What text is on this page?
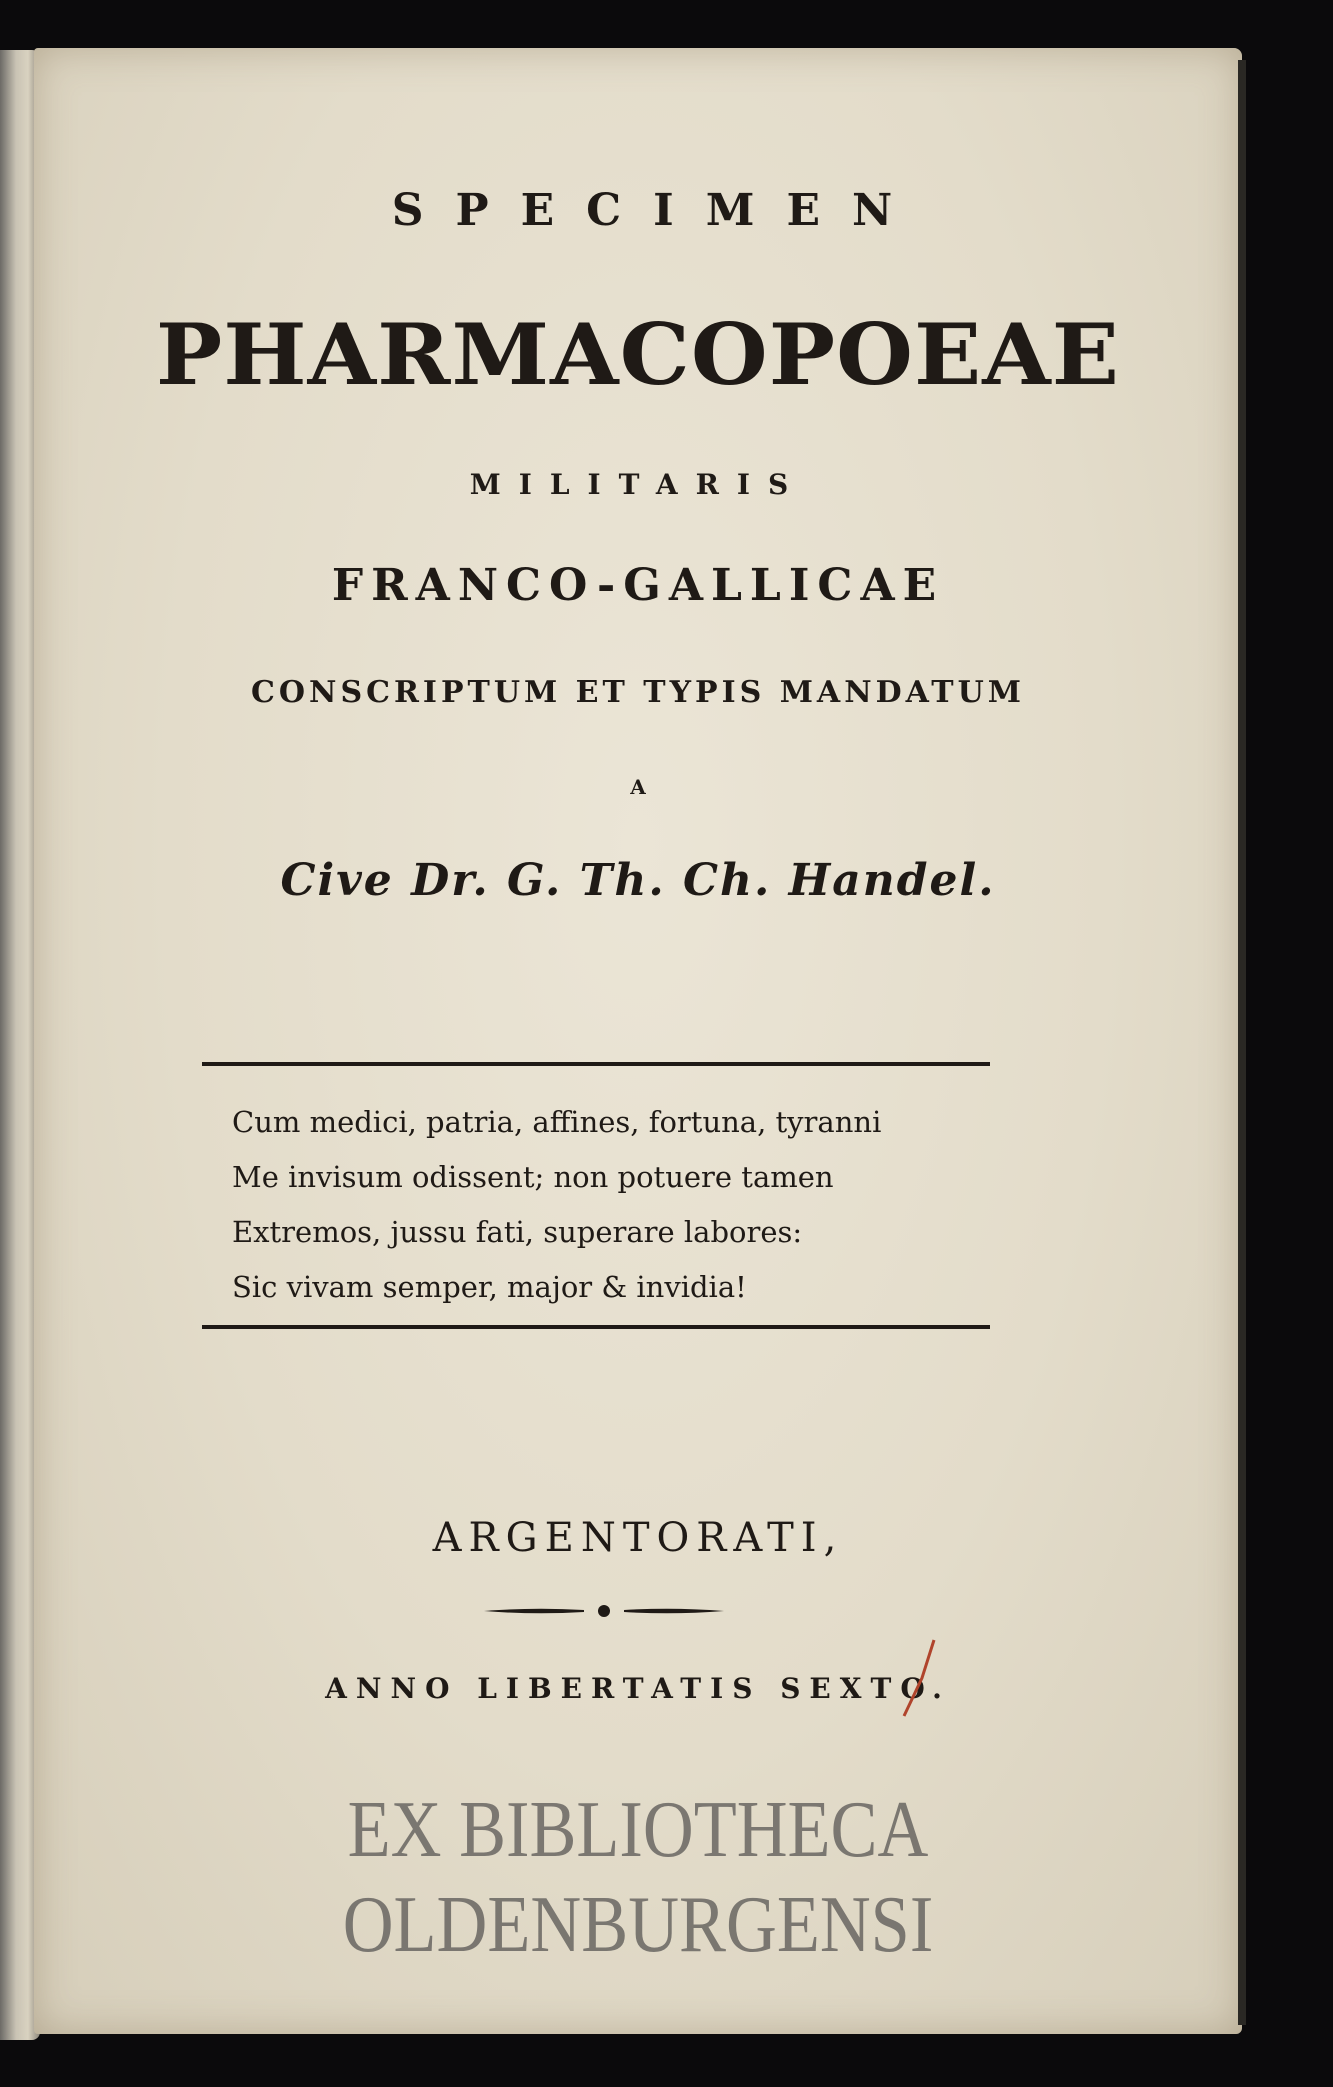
SPECIMEN
PHARMACOPOEAE
MILITARIS
FRANCO-GALLICAE
CONSCRIPTUM ET TYPIS MANDATUM
A
Cive Dr. G. Th. Ch. Handel.
Cum medici, patria, affines, fortuna, tyranni
Me invisum odissent; non potuere tamen
Extremos, jussu fati, superare labores:
Sic vivam semper, major & invidia!
ARGENTORATI,
ANNO LIBERTATIS SEXTO.
EX BIBLIOTHECA
OLDENBURGENSI
